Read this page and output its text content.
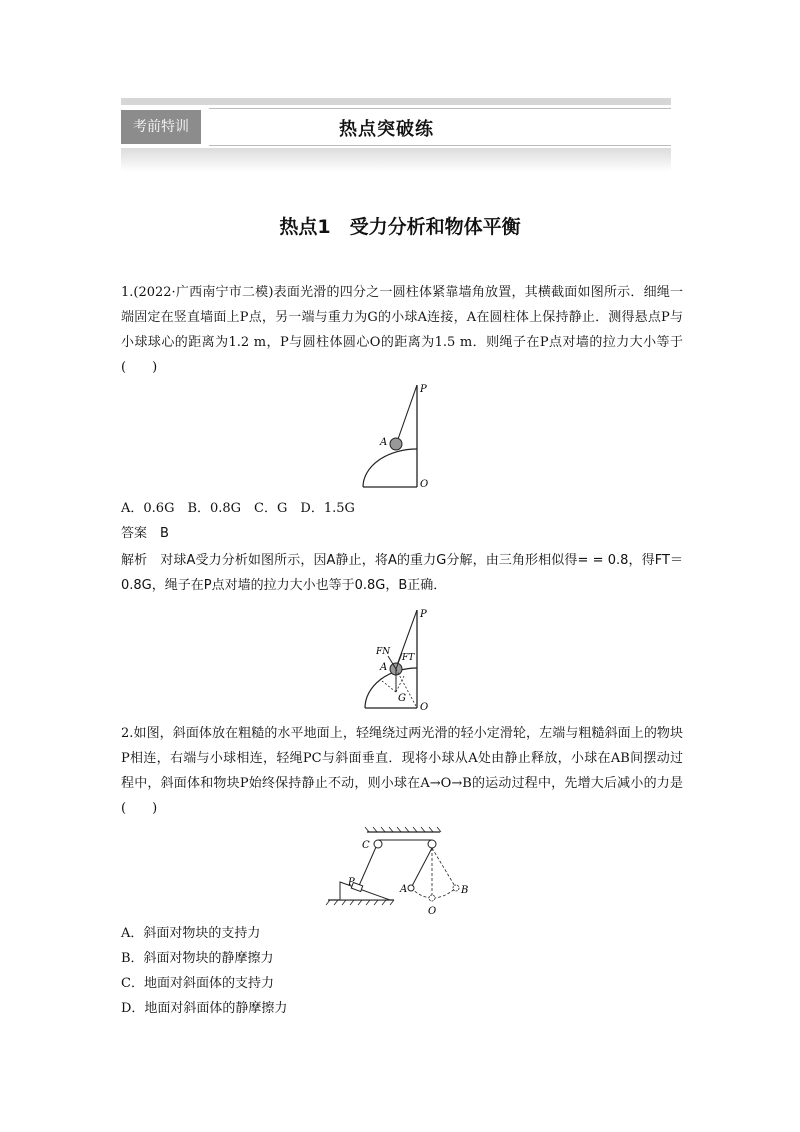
考前特训	热点突破练
热点1　受力分析和物体平衡
1.(2022·广西南宁市二模)表面光滑的四分之一圆柱体紧靠墙角放置，其横截面如图所示．细绳一端固定在竖直墙面上P点，另一端与重力为G的小球A连接，A在圆柱体上保持静止．测得悬点P与小球球心的距离为1.2 m，P与圆柱体圆心O的距离为1.5 m．则绳子在P点对墙的拉力大小等于(　　)
P
A
O
A．0.6G　B．0.8G　C．G　D．1.5G
答案　B
解析　对球A受力分析如图所示，因A静止，将A的重力G分解，由三角形相似得= = 0.8，得FT＝0.8G，绳子在P点对墙的拉力大小也等于0.8G，B正确．
P
FN
FT
A
G
O
2.如图，斜面体放在粗糙的水平地面上，轻绳绕过两光滑的轻小定滑轮，左端与粗糙斜面上的物块P相连，右端与小球相连，轻绳PC与斜面垂直．现将小球从A处由静止释放，小球在AB间摆动过程中，斜面体和物块P始终保持静止不动，则小球在A→O→B的运动过程中，先增大后减小的力是(　　)
C
P
A	B
O
A．斜面对物块的支持力
B．斜面对物块的静摩擦力
C．地面对斜面体的支持力
D．地面对斜面体的静摩擦力
